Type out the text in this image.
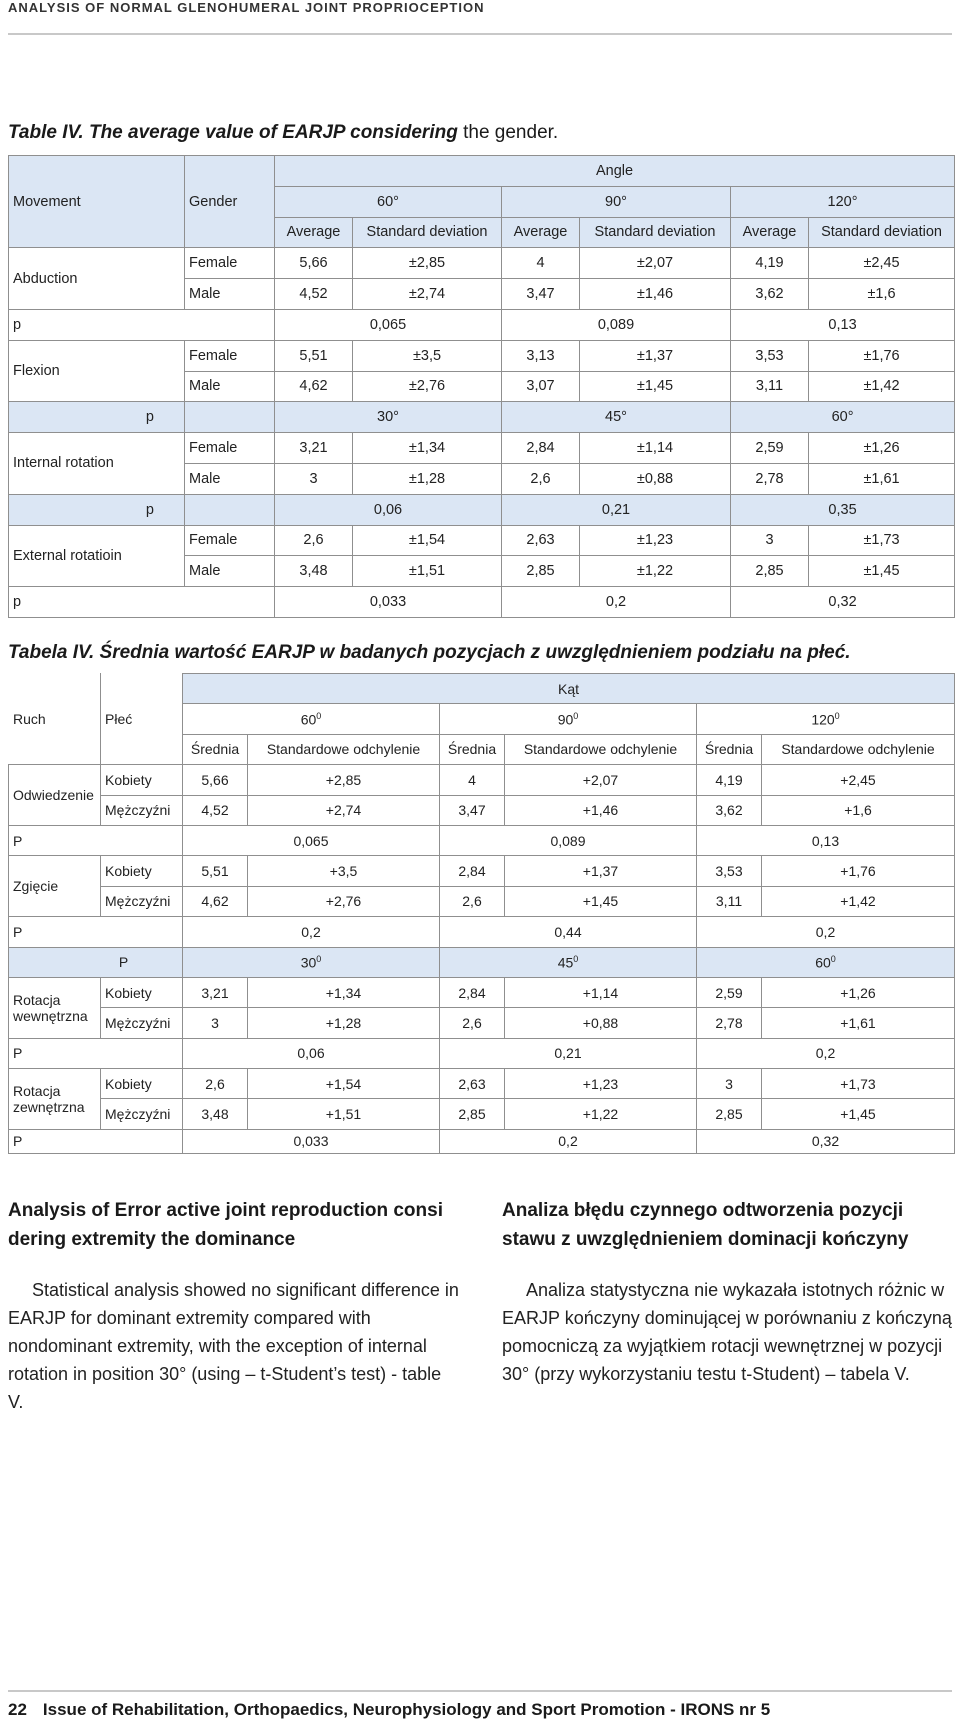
ANALYSIS OF NORMAL GLENOHUMERAL JOINT PROPRIOCEPTION
Table IV. The average value of EARJP considering the gender.
Movement	Gender	Angle					
		60°		90°		120°	
		Average	Standard deviation	Average	Standard deviation	Average	Standard deviation
Abduction	Female	5,66	±2,85	4	±2,07	4,19	±2,45
	Male	4,52	±2,74	3,47	±1,46	3,62	±1,6
p		0,065		0,089		0,13	
Flexion	Female	5,51	±3,5	3,13	±1,37	3,53	±1,76
	Male	4,62	±2,76	3,07	±1,45	3,11	±1,42
p		30°		45°		60°	
Internal rotation	Female	3,21	±1,34	2,84	±1,14	2,59	±1,26
	Male	3	±1,28	2,6	±0,88	2,78	±1,61
p		0,06		0,21		0,35	
External rotatioin	Female	2,6	±1,54	2,63	±1,23	3	±1,73
	Male	3,48	±1,51	2,85	±1,22	2,85	±1,45
p		0,033		0,2		0,32	
Tabela IV. Średnia wartość EARJP w badanych pozycjach z uwzględnieniem podziału na płeć.
Ruch	Płeć	Kąt					
		$60^0$		$90^0$		$120^0$
		Średnia	Standardowe odchylenie	Średnia	Standardowe odchylenie	Średnia	Standardowe odchylenie
Odwiedzenie	Kobiety	5,66	+2,85	4	+2,07	4,19	+2,45
	Mężczyźni	4,52	+2,74	3,47	+1,46	3,62	+1,6
P		0,065		0,089		0,13	
Zgięcie	Kobiety	5,51	+3,5	2,84	+1,37	3,53	+1,76
	Mężczyźni	4,62	+2,76	2,6	+1,45	3,11	+1,42
P		0,2		0,44		0,2	
P		$30^0$		$45^0$		$60^0$
Rotacja
wewnętrzna	Kobiety	3,21	+1,34	2,84	+1,14	2,59	+1,26
	Mężczyźni	3	+1,28	2,6	+0,88	2,78	+1,61
P		0,06		0,21		0,2	
Rotacja
zewnętrzna	Kobiety	2,6	+1,54	2,63	+1,23	3	+1,73
	Mężczyźni	3,48	+1,51	2,85	+1,22	2,85	+1,45
P		0,033		0,2		0,32	
Analysis of Error active joint reproduction consi dering extremity the dominance

Statistical analysis showed no significant difference in EARJP for dominant extremity compared with nondominant extremity, with the exception of internal rotation in position 30° (using – t-Student’s test) - table V.

Analiza błędu czynnego odtworzenia pozycji stawu z uwzględnieniem dominacji kończyny

Analiza statystyczna nie wykazała istotnych różnic w EARJP kończyny dominującej w porównaniu z kończyną pomocniczą za wyjątkiem rotacji wewnętrznej w pozycji 30° (przy wykorzystaniu testu t-Student) – tabela V.

22 Issue of Rehabilitation, Orthopaedics, Neurophysiology and Sport Promotion - IRONS nr 5
